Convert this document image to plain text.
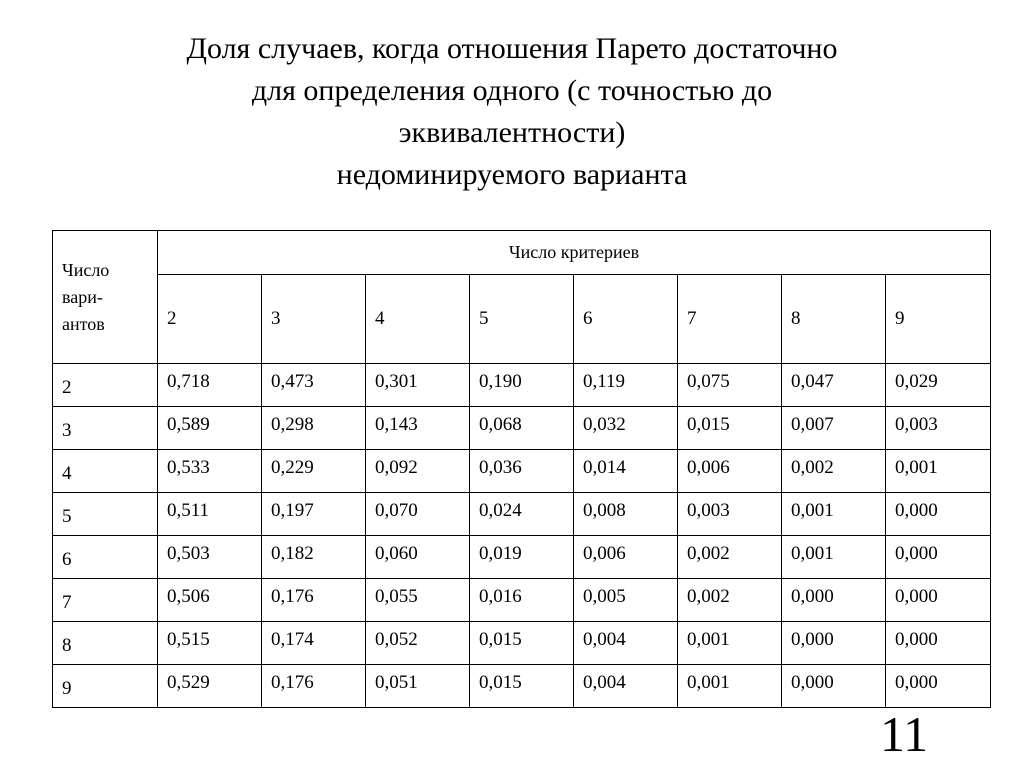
Доля случаев, когда отношения Парето достаточно
для определения одного (с точностью до
эквивалентности)
недоминируемого варианта
Число
вари-
антов	Число критериев							
	2	3	4	5	6	7	8	9
2	0,718	0,473	0,301	0,190	0,119	0,075	0,047	0,029
3	0,589	0,298	0,143	0,068	0,032	0,015	0,007	0,003
4	0,533	0,229	0,092	0,036	0,014	0,006	0,002	0,001
5	0,511	0,197	0,070	0,024	0,008	0,003	0,001	0,000
6	0,503	0,182	0,060	0,019	0,006	0,002	0,001	0,000
7	0,506	0,176	0,055	0,016	0,005	0,002	0,000	0,000
8	0,515	0,174	0,052	0,015	0,004	0,001	0,000	0,000
9	0,529	0,176	0,051	0,015	0,004	0,001	0,000	0,000
11
